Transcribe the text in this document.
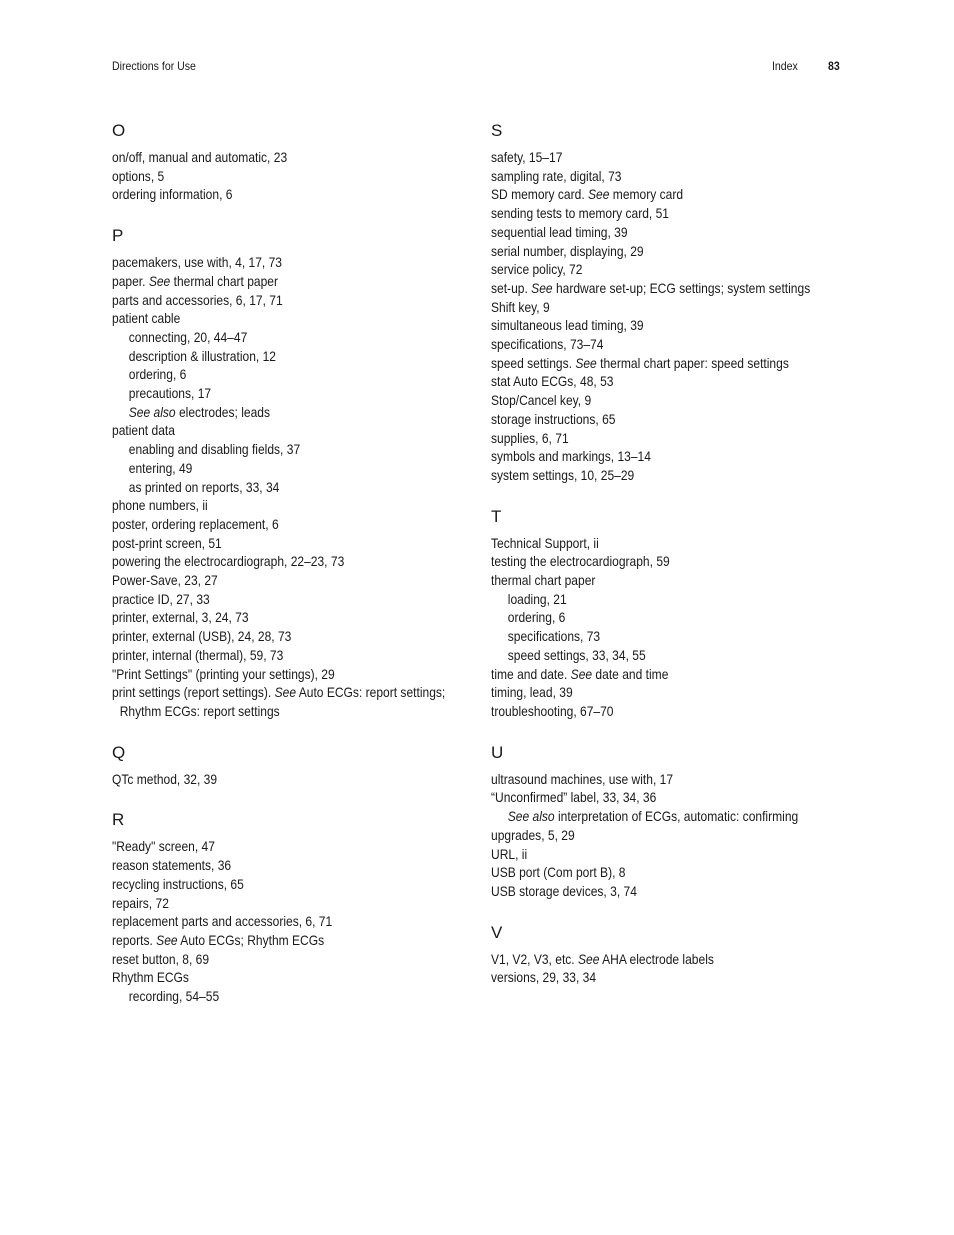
Directions for Use	Index	83
O
on/off, manual and automatic, 23
options, 5
ordering information, 6
P
pacemakers, use with, 4, 17, 73
paper. See thermal chart paper
parts and accessories, 6, 17, 71
patient cable
connecting, 20, 44–47
description & illustration, 12
ordering, 6
precautions, 17
See also electrodes; leads
patient data
enabling and disabling fields, 37
entering, 49
as printed on reports, 33, 34
phone numbers, ii
poster, ordering replacement, 6
post-print screen, 51
powering the electrocardiograph, 22–23, 73
Power-Save, 23, 27
practice ID, 27, 33
printer, external, 3, 24, 73
printer, external (USB), 24, 28, 73
printer, internal (thermal), 59, 73
"Print Settings" (printing your settings), 29
print settings (report settings). See Auto ECGs: report settings;
Rhythm ECGs: report settings
Q
QTc method, 32, 39
R
"Ready" screen, 47
reason statements, 36
recycling instructions, 65
repairs, 72
replacement parts and accessories, 6, 71
reports. See Auto ECGs; Rhythm ECGs
reset button, 8, 69
Rhythm ECGs
recording, 54–55
S
safety, 15–17
sampling rate, digital, 73
SD memory card. See memory card
sending tests to memory card, 51
sequential lead timing, 39
serial number, displaying, 29
service policy, 72
set-up. See hardware set-up; ECG settings; system settings
Shift key, 9
simultaneous lead timing, 39
specifications, 73–74
speed settings. See thermal chart paper: speed settings
stat Auto ECGs, 48, 53
Stop/Cancel key, 9
storage instructions, 65
supplies, 6, 71
symbols and markings, 13–14
system settings, 10, 25–29
T
Technical Support, ii
testing the electrocardiograph, 59
thermal chart paper
loading, 21
ordering, 6
specifications, 73
speed settings, 33, 34, 55
time and date. See date and time
timing, lead, 39
troubleshooting, 67–70
U
ultrasound machines, use with, 17
“Unconfirmed” label, 33, 34, 36
See also interpretation of ECGs, automatic: confirming
upgrades, 5, 29
URL, ii
USB port (Com port B), 8
USB storage devices, 3, 74
V
V1, V2, V3, etc. See AHA electrode labels
versions, 29, 33, 34
